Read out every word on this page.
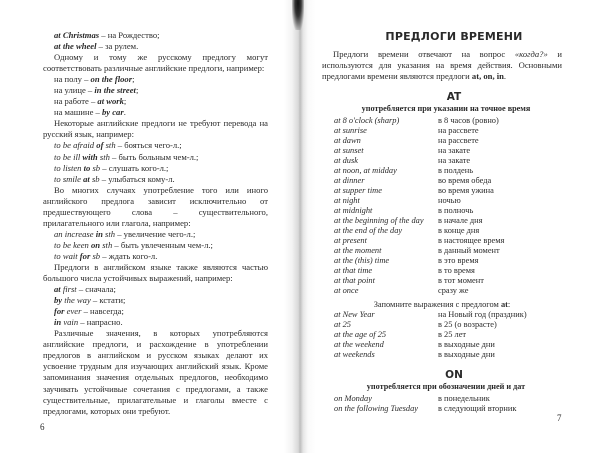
at Christmas – на Рождество;

at the wheel – за рулем.

Одному и тому же русскому предлогу могут соответствовать различные английские предлоги, например:

на полу – on the floor;

на улице – in the street;

на работе – at work;

на машине – by car.

Некоторые английские предлоги не требуют перевода на русский язык, например:

to be afraid of sth – бояться чего-л.;

to be ill with sth – быть больным чем-л.;

to listen to sb – слушать кого-л.;

to smile at sb – улыбаться кому-л.

Во многих случаях употребление того или иного английского предлога зависит исключительно от предшествующего слова – существительного, прилагательного или глагола, например:

an increase in sth – увеличение чего-л.;

to be keen on sth – быть увлеченным чем-л.;

to wait for sb – ждать кого-л.

Предлоги в английском языке также являются частью большого числа устойчивых выражений, например:

at first – сначала;

by the way – кстати;

for ever – навсегда;

in vain – напрасно.

Различные значения, в которых употребляются английские предлоги, и расхождение в употреблении предлогов в английском и русском языках делают их усвоение трудным для изучающих английский язык. Кроме запоминания значения отдельных предлогов, необходимо заучивать устойчивые сочетания с предлогами, а также существительные, прилагательные и глаголы вместе с предлогами, которых они требуют.

6
ПРЕДЛОГИ ВРЕМЕНИ

Предлоги времени отвечают на вопрос «когда?» и используются для указания на время действия. Основными предлогами времени являются предлоги at, on, in.

AT
употребляется при указании на точное время
at 8 o'clock (sharp)	в 8 часов (ровно)
at sunrise	на рассвете
at dawn	на рассвете
at sunset	на закате
at dusk	на закате
at noon, at midday	в полдень
at dinner	во время обеда
at supper time	во время ужина
at night	ночью
at midnight	в полночь
at the beginning of the day	в начале дня
at the end of the day	в конце дня
at present	в настоящее время
at the moment	в данный момент
at the (this) time	в это время
at that time	в то время
at that point	в тот момент
at once	сразу же
Запомните выражения с предлогом at:
at New Year	на Новый год (праздник)
at 25	в 25 (о возрасте)
at the age of 25	в 25 лет
at the weekend	в выходные дни
at weekends	в выходные дни
ON
употребляется при обозначении дней и дат
on Monday	в понедельник
on the following Tuesday	в следующий вторник
7
